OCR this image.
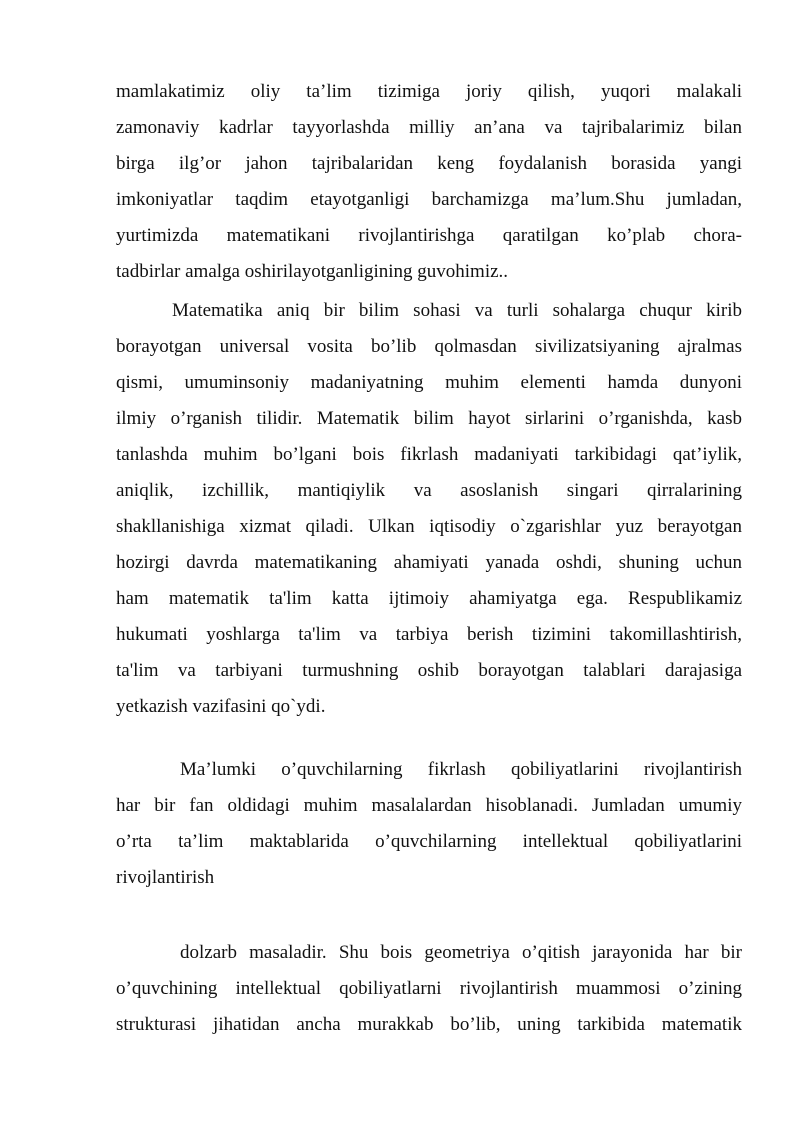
mamlakatimiz oliy ta’lim tizimiga joriy qilish, yuqori malakali
zamonaviy kadrlar tayyorlashda milliy an’ana va tajribalarimiz bilan
birga ilg’or jahon tajribalaridan keng foydalanish borasida yangi
imkoniyatlar taqdim etayotganligi barchamizga ma’lum.Shu jumladan,
yurtimizda matematikani rivojlantirishga qaratilgan ko’plab chora-
tadbirlar amalga oshirilayotganligining guvohimiz..
Matematika aniq bir bilim sohasi va turli sohalarga chuqur kirib
borayotgan universal vosita bo’lib qolmasdan sivilizatsiyaning ajralmas
qismi, umuminsoniy madaniyatning muhim elementi hamda dunyoni
ilmiy o’rganish tilidir. Matematik bilim hayot sirlarini o’rganishda, kasb
tanlashda muhim bo’lgani bois fikrlash madaniyati tarkibidagi qat’iylik,
aniqlik, izchillik, mantiqiylik va asoslanish singari qirralarining
shakllanishiga xizmat qiladi. Ulkan iqtisodiy o`zgarishlar yuz berayotgan
hozirgi davrda matematikaning ahamiyati yanada oshdi, shuning uchun
ham matematik ta'lim katta ijtimoiy ahamiyatga ega. Respublikamiz
hukumati yoshlarga ta'lim va tarbiya berish tizimini takomillashtirish,
ta'lim va tarbiyani turmushning oshib borayotgan talablari darajasiga
yetkazish vazifasini qo`ydi.
Ma’lumki o’quvchilarning fikrlash qobiliyatlarini rivojlantirish
har bir fan oldidagi muhim masalalardan hisoblanadi. Jumladan umumiy
o’rta ta’lim maktablarida o’quvchilarning intellektual qobiliyatlarini
rivojlantirish
dolzarb masaladir. Shu bois geometriya o’qitish jarayonida har bir
o’quvchining intellektual qobiliyatlarni rivojlantirish muammosi o’zining
strukturasi jihatidan ancha murakkab bo’lib, uning tarkibida matematik
